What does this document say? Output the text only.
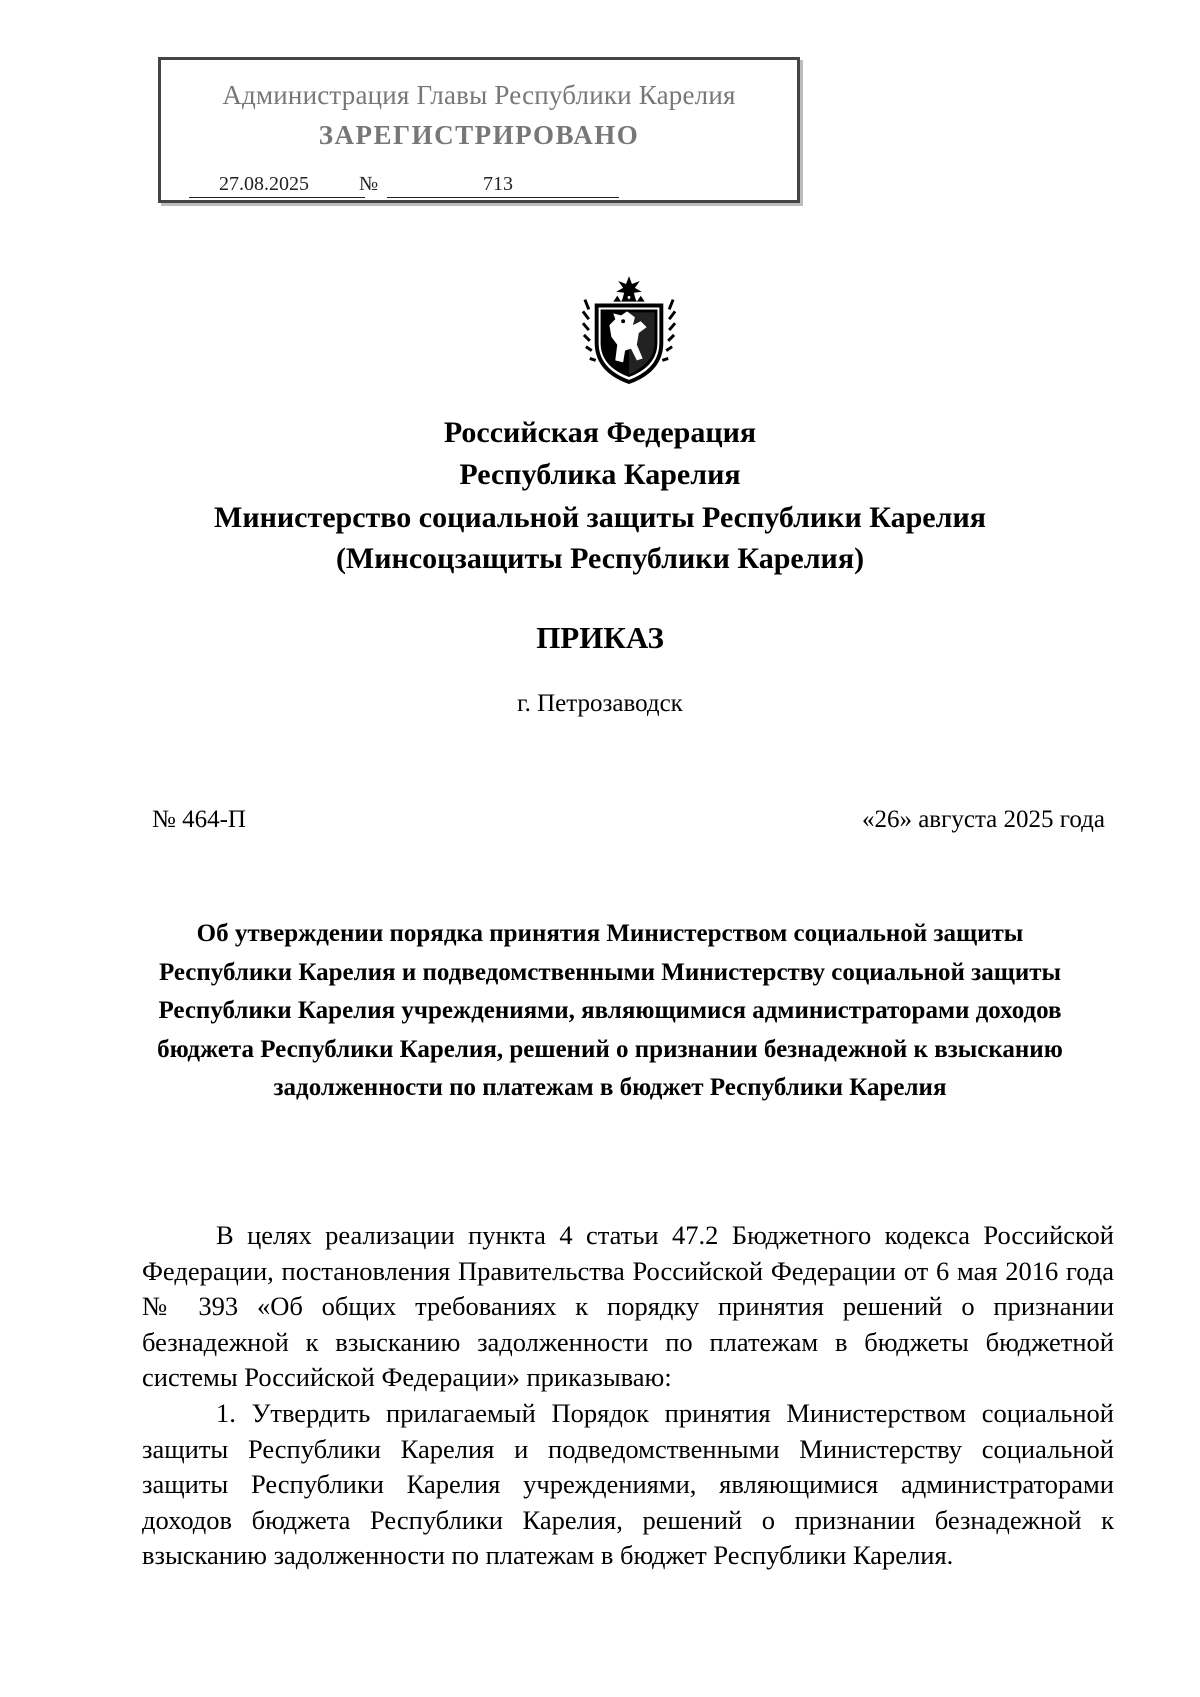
Администрация Главы Республики Карелия
ЗАРЕГИСТРИРОВАНО
27.08.2025	№	713
Российская Федерация
Республика Карелия
Министерство социальной защиты Республики Карелия
(Минсоцзащиты Республики Карелия)
ПРИКАЗ
г. Петрозаводск
№ 464-П	«26» августа 2025 года
Об утверждении порядка принятия Министерством социальной защиты Республики Карелия и подведомственными Министерству социальной защиты Республики Карелия учреждениями, являющимися администраторами доходов бюджета Республики Карелия, решений о признании безнадежной к взысканию задолженности по платежам в бюджет Республики Карелия

В целях реализации пункта 4 статьи 47.2 Бюджетного кодекса Российской Федерации, постановления Правительства Российской Федерации от 6 мая 2016 года № 393 «Об общих требованиях к порядку принятия решений о признании безнадежной к взысканию задолженности по платежам в бюджеты бюджетной системы Российской Федерации» приказываю:

1. Утвердить прилагаемый Порядок принятия Министерством социальной защиты Республики Карелия и подведомственными Министерству социальной защиты Республики Карелия учреждениями, являющимися администраторами доходов бюджета Республики Карелия, решений о признании безнадежной к взысканию задолженности по платежам в бюджет Республики Карелия.
